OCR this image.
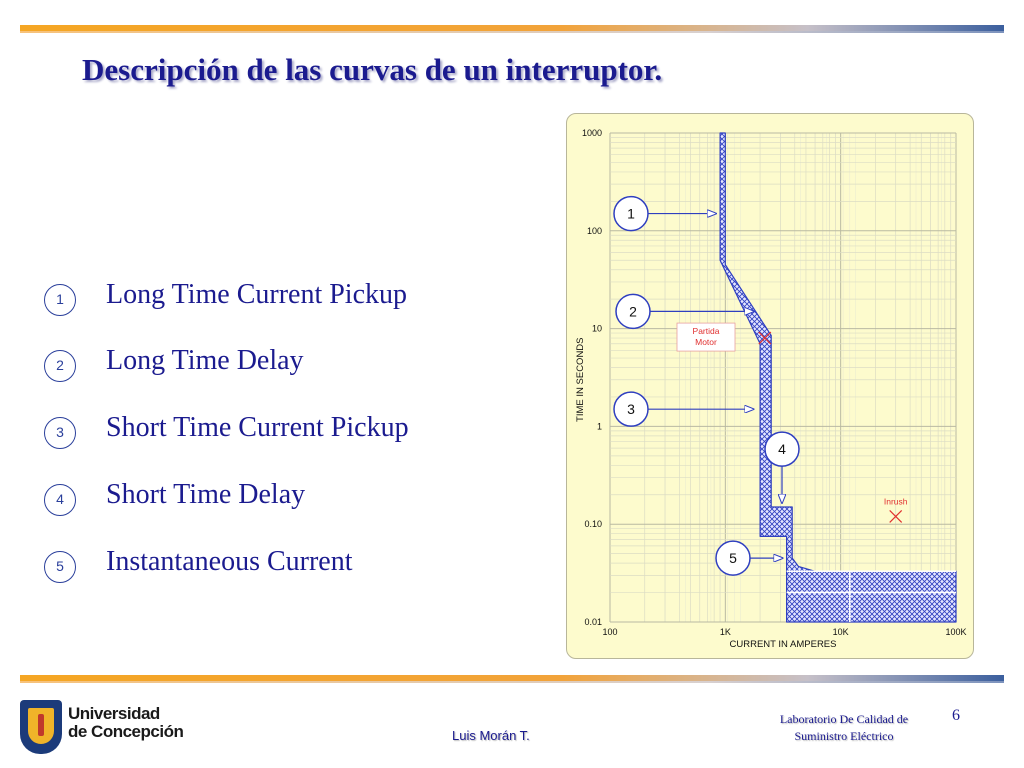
Descripción de las curvas de un interruptor.
1	Long Time Current Pickup
2	Long Time Delay
3	Short Time Current Pickup
4	Short Time Delay
5	Instantaneous Current
1000
100
10
1
0.10
0.01
100	1K	10K	100K
CURRENT IN AMPERES
TIME IN SECONDS
1
2
3
4
5
Partida
Motor
Inrush
Universidad
de Concepción	Luis Morán T.
Laboratorio De Calidad de
Suministro Eléctrico
6
